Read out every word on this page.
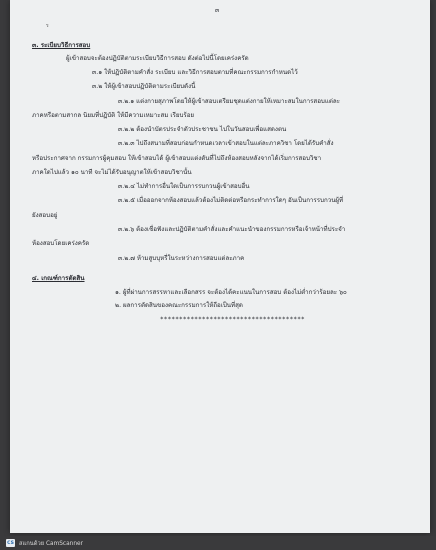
ร
๓
๓. ระเบียบวิธีการสอบ
ผู้เข้าสอบจะต้องปฏิบัติตามระเบียบวิธีการสอบ ดังต่อไปนี้โดยเคร่งครัด
๓.๑ ให้ปฏิบัติตามคำสั่ง ระเบียบ และวิธีการสอบตามที่คณะกรรมการกำหนดไว้
๓.๒ ให้ผู้เข้าสอบปฏิบัติตามระเบียบดังนี้
๓.๒.๑ แต่งกายสุภาพโดยให้ผู้เข้าสอบเตรียมชุดแต่งกายให้เหมาะสมในการสอบแต่ละ
ภาคหรือตามสากล นิยมที่ปฏิบัติ ให้มีความเหมาะสม เรียบร้อย
๓.๒.๒ ต้องนำบัตรประจำตัวประชาชน ไปในวันสอบเพื่อแสดงตน
๓.๒.๓ ไปถึงสนามที่สอบก่อนกำหนดเวลาเข้าสอบในแต่ละภาควิชา โดยได้รับคำสั่ง
หรือประกาศจาก กรรมการผู้คุมสอบ ให้เข้าสอบได้ ผู้เข้าสอบแต่งตันที่ไปถึงห้องสอบหลังจากได้เริ่มการสอบวิชา
ภาคใดไปแล้ว ๑๐ นาที จะไม่ได้รับอนุญาตให้เข้าสอบวิชานั้น
๓.๒.๔ ไม่ทำการอื่นใดเป็นการรบกวนผู้เข้าสอบอื่น
๓.๒.๕ เมื่อออกจากห้องสอบแล้วต้องไม่ติดต่อหรือกระทำการใดๆ อันเป็นการรบกวนผู้ที่
ยังสอบอยู่
๓.๒.๖ ต้องเชื่อฟังและปฏิบัติตามคำสั่งและคำแนะนำของกรรมการหรือเจ้าหน้าที่ประจำ
ห้องสอบโดยเคร่งครัด
๓.๒.๗ ห้ามสูบบุหรี่ในระหว่างการสอบแต่ละภาค
๔. เกณฑ์การตัดสิน
๑. ผู้ที่ผ่านการสรรหาและเลือกสรร จะต้องได้คะแนนในการสอบ ต้องไม่ต่ำกว่าร้อยละ ๖๐
๒. ผลการตัดสินของคณะกรรมการให้ถือเป็นที่สุด
**************************************
CS สแกนด้วย CamScanner
